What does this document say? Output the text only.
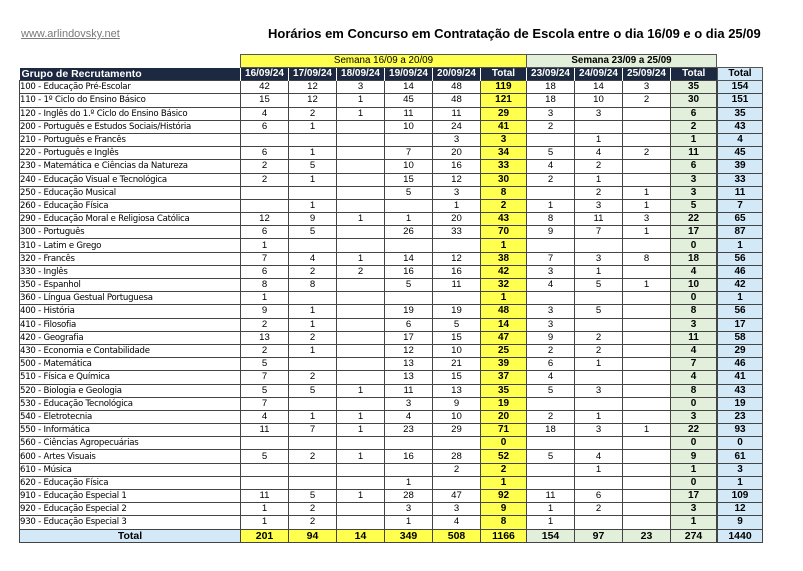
www.arlindovsky.net	Horários em Concurso em Contratação de Escola entre o dia 16/09 e o dia 25/09
	Semana 16/09 a 20/09						Semana 23/09 a 25/09				
Grupo de Recrutamento	16/09/24	17/09/24	18/09/24	19/09/24	20/09/24	Total	23/09/24	24/09/24	25/09/24	Total		Total
100 - Educação Pré-Escolar	42	12	3	14	48	119	18	14	3	35		154
110 - 1º Ciclo do Ensino Básico	15	12	1	45	48	121	18	10	2	30		151
120 - Inglês do 1.º Ciclo do Ensino Básico	4	2	1	11	11	29	3	3		6		35
200 - Português e Estudos Sociais/História	6	1		10	24	41	2			2		43
210 - Português e Francês					3	3		1		1		4
220 - Português e Inglês	6	1		7	20	34	5	4	2	11		45
230 - Matemática e Ciências da Natureza	2	5		10	16	33	4	2		6		39
240 - Educação Visual e Tecnológica	2	1		15	12	30	2	1		3		33
250 - Educação Musical				5	3	8		2	1	3		11
260 - Educação Física		1			1	2	1	3	1	5		7
290 - Educação Moral e Religiosa Católica	12	9	1	1	20	43	8	11	3	22		65
300 - Português	6	5		26	33	70	9	7	1	17		87
310 - Latim e Grego	1					1				0		1
320 - Francês	7	4	1	14	12	38	7	3	8	18		56
330 - Inglês	6	2	2	16	16	42	3	1		4		46
350 - Espanhol	8	8		5	11	32	4	5	1	10		42
360 - Língua Gestual Portuguesa	1					1				0		1
400 - História	9	1		19	19	48	3	5		8		56
410 - Filosofia	2	1		6	5	14	3			3		17
420 - Geografia	13	2		17	15	47	9	2		11		58
430 - Economia e Contabilidade	2	1		12	10	25	2	2		4		29
500 - Matemática	5			13	21	39	6	1		7		46
510 - Física e Química	7	2		13	15	37	4			4		41
520 - Biologia e Geologia	5	5	1	11	13	35	5	3		8		43
530 - Educação Tecnológica	7			3	9	19				0		19
540 - Eletrotecnia	4	1	1	4	10	20	2	1		3		23
550 - Informática	11	7	1	23	29	71	18	3	1	22		93
560 - Ciências Agropecuárias						0				0		0
600 - Artes Visuais	5	2	1	16	28	52	5	4		9		61
610 - Música					2	2		1		1		3
620 - Educação Física				1		1				0		1
910 - Educação Especial 1	11	5	1	28	47	92	11	6		17		109
920 - Educação Especial 2	1	2		3	3	9	1	2		3		12
930 - Educação Especial 3	1	2		1	4	8	1			1		9
Total	201	94	14	349	508	1166	154	97	23	274		1440
